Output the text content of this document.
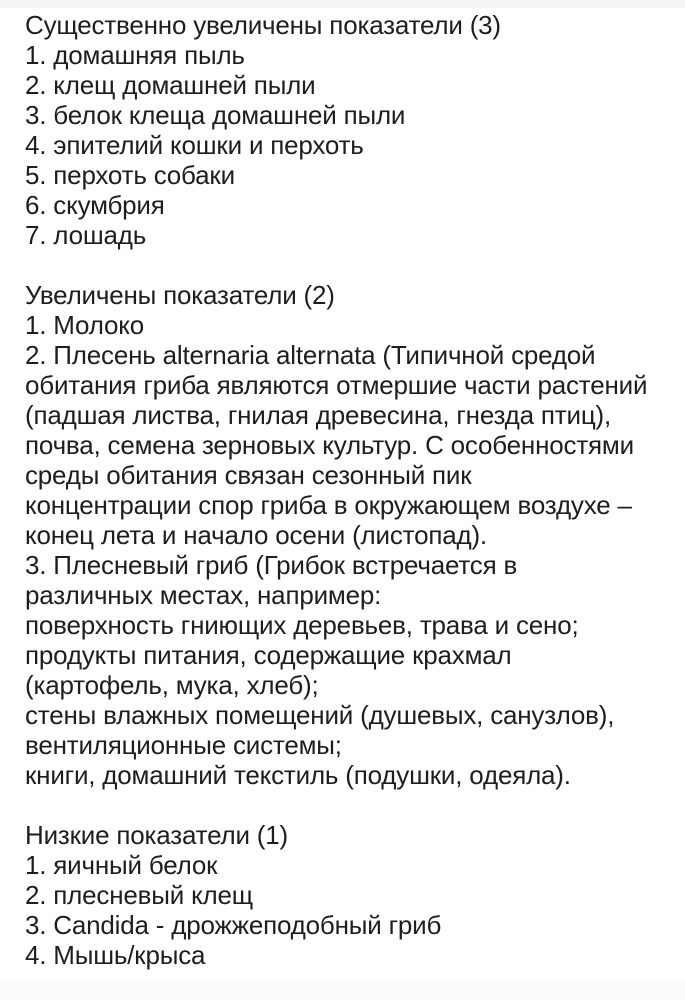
Существенно увеличены показатели (3)
1. домашняя пыль
2. клещ домашней пыли
3. белок клеща домашней пыли
4. эпителий кошки и перхоть
5. перхоть собаки
6. скумбрия
7. лошадь
Увеличены показатели (2)
1. Молоко
2. Плесень alternaria alternata (Типичной средой
обитания гриба являются отмершие части растений
(падшая листва, гнилая древесина, гнезда птиц),
почва, семена зерновых культур. С особенностями
среды обитания связан сезонный пик
концентрации спор гриба в окружающем воздухе –
конец лета и начало осени (листопад).
3. Плесневый гриб (Грибок встречается в
различных местах, например:
поверхность гниющих деревьев, трава и сено;
продукты питания, содержащие крахмал
(картофель, мука, хлеб);
стены влажных помещений (душевых, санузлов),
вентиляционные системы;
книги, домашний текстиль (подушки, одеяла).
Низкие показатели (1)
1. яичный белок
2. плесневый клещ
3. Candida - дрожжеподобный гриб
4. Мышь/крыса
